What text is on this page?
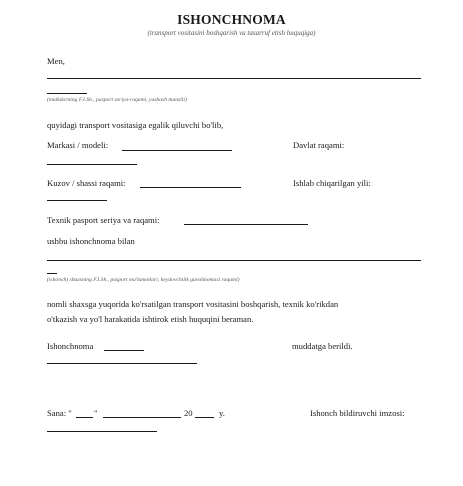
ISHONCHNOMA
(transport vositasini boshqarish va tasarruf etish huquqiga)
Men,
(mulkdorning F.I.Sh., pasport seriya-raqami, yashash manzili)
quyidagi transport vositasiga egalik qiluvchi bo'lib,
Markasi / modeli:	Davlat raqami:
Kuzov / shassi raqami:	Ishlab chiqarilgan yili:
Texnik pasport seriya va raqami:
ushbu ishonchnoma bilan
(ishonch) shaxsning F.I.Sh., pasport ma'lumotlari, heydovchilik guvohnomasi raqami)
nomli shaxsga yuqorida ko'rsatilgan transport vositasini boshqarish, texnik ko'rikdan
o'tkazish va yo'l harakatida ishtirok etish huquqini beraman.
Ishonchnoma	muddatga berildi.
Sana: "	"	20	y.	Ishonch bildiruvchi imzosi:
